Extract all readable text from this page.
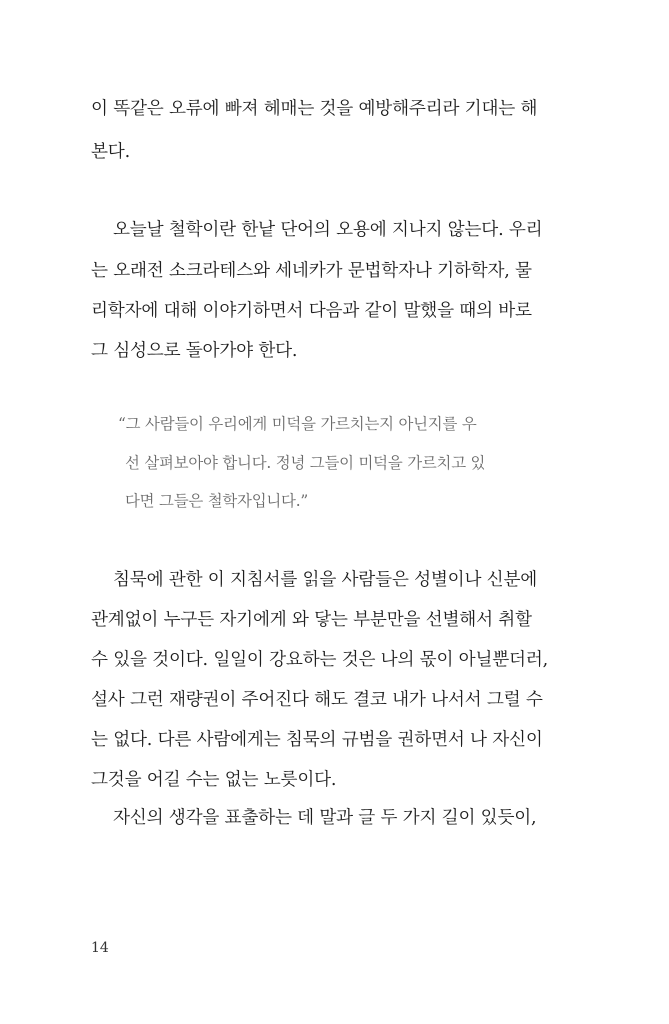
이 똑같은 오류에 빠져 헤매는 것을 예방해주리라 기대는 해
본다.
오늘날 철학이란 한낱 단어의 오용에 지나지 않는다. 우리
는 오래전 소크라테스와 세네카가 문법학자나 기하학자, 물
리학자에 대해 이야기하면서 다음과 같이 말했을 때의 바로
그 심성으로 돌아가야 한다.
“그 사람들이 우리에게 미덕을 가르치는지 아닌지를 우
선 살펴보아야 합니다. 정녕 그들이 미덕을 가르치고 있
다면 그들은 철학자입니다.”
침묵에 관한 이 지침서를 읽을 사람들은 성별이나 신분에
관계없이 누구든 자기에게 와 닿는 부분만을 선별해서 취할
수 있을 것이다. 일일이 강요하는 것은 나의 몫이 아닐뿐더러,
설사 그런 재량권이 주어진다 해도 결코 내가 나서서 그럴 수
는 없다. 다른 사람에게는 침묵의 규범을 권하면서 나 자신이
그것을 어길 수는 없는 노릇이다.
자신의 생각을 표출하는 데 말과 글 두 가지 길이 있듯이,
14
